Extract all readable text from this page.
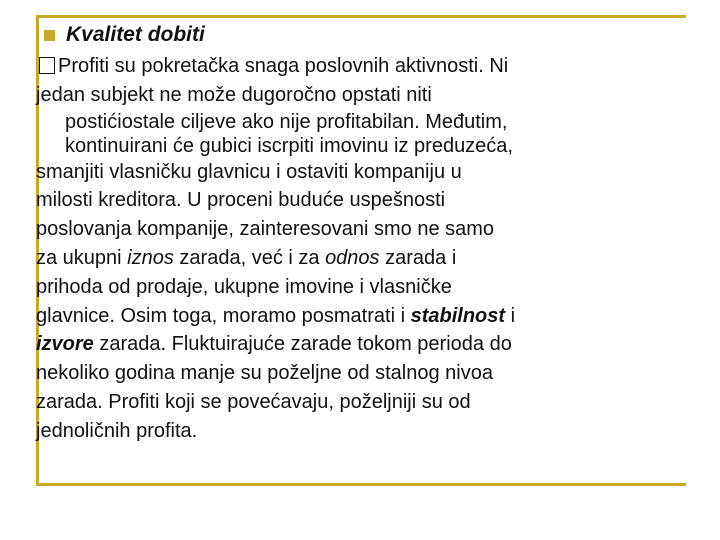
Kvalitet dobiti
Profiti su pokretačka snaga poslovnih aktivnosti. Ni
jedan subjekt ne može dugoročno opstati niti
postićiostale ciljeve ako nije profitabilan. Međutim,
kontinuirani će gubici iscrpiti imovinu iz preduzeća,
smanjiti vlasničku glavnicu i ostaviti kompaniju u
milosti kreditora. U proceni buduće uspešnosti
poslovanja kompanije, zainteresovani smo ne samo
za ukupni iznos zarada, već i za odnos zarada i
prihoda od prodaje, ukupne imovine i vlasničke
glavnice. Osim toga, moramo posmatrati i stabilnost i
izvore zarada. Fluktuirajuće zarade tokom perioda do
nekoliko godina manje su poželjne od stalnog nivoa
zarada. Profiti koji se povećavaju, poželjniji su od
jednoličnih profita.
